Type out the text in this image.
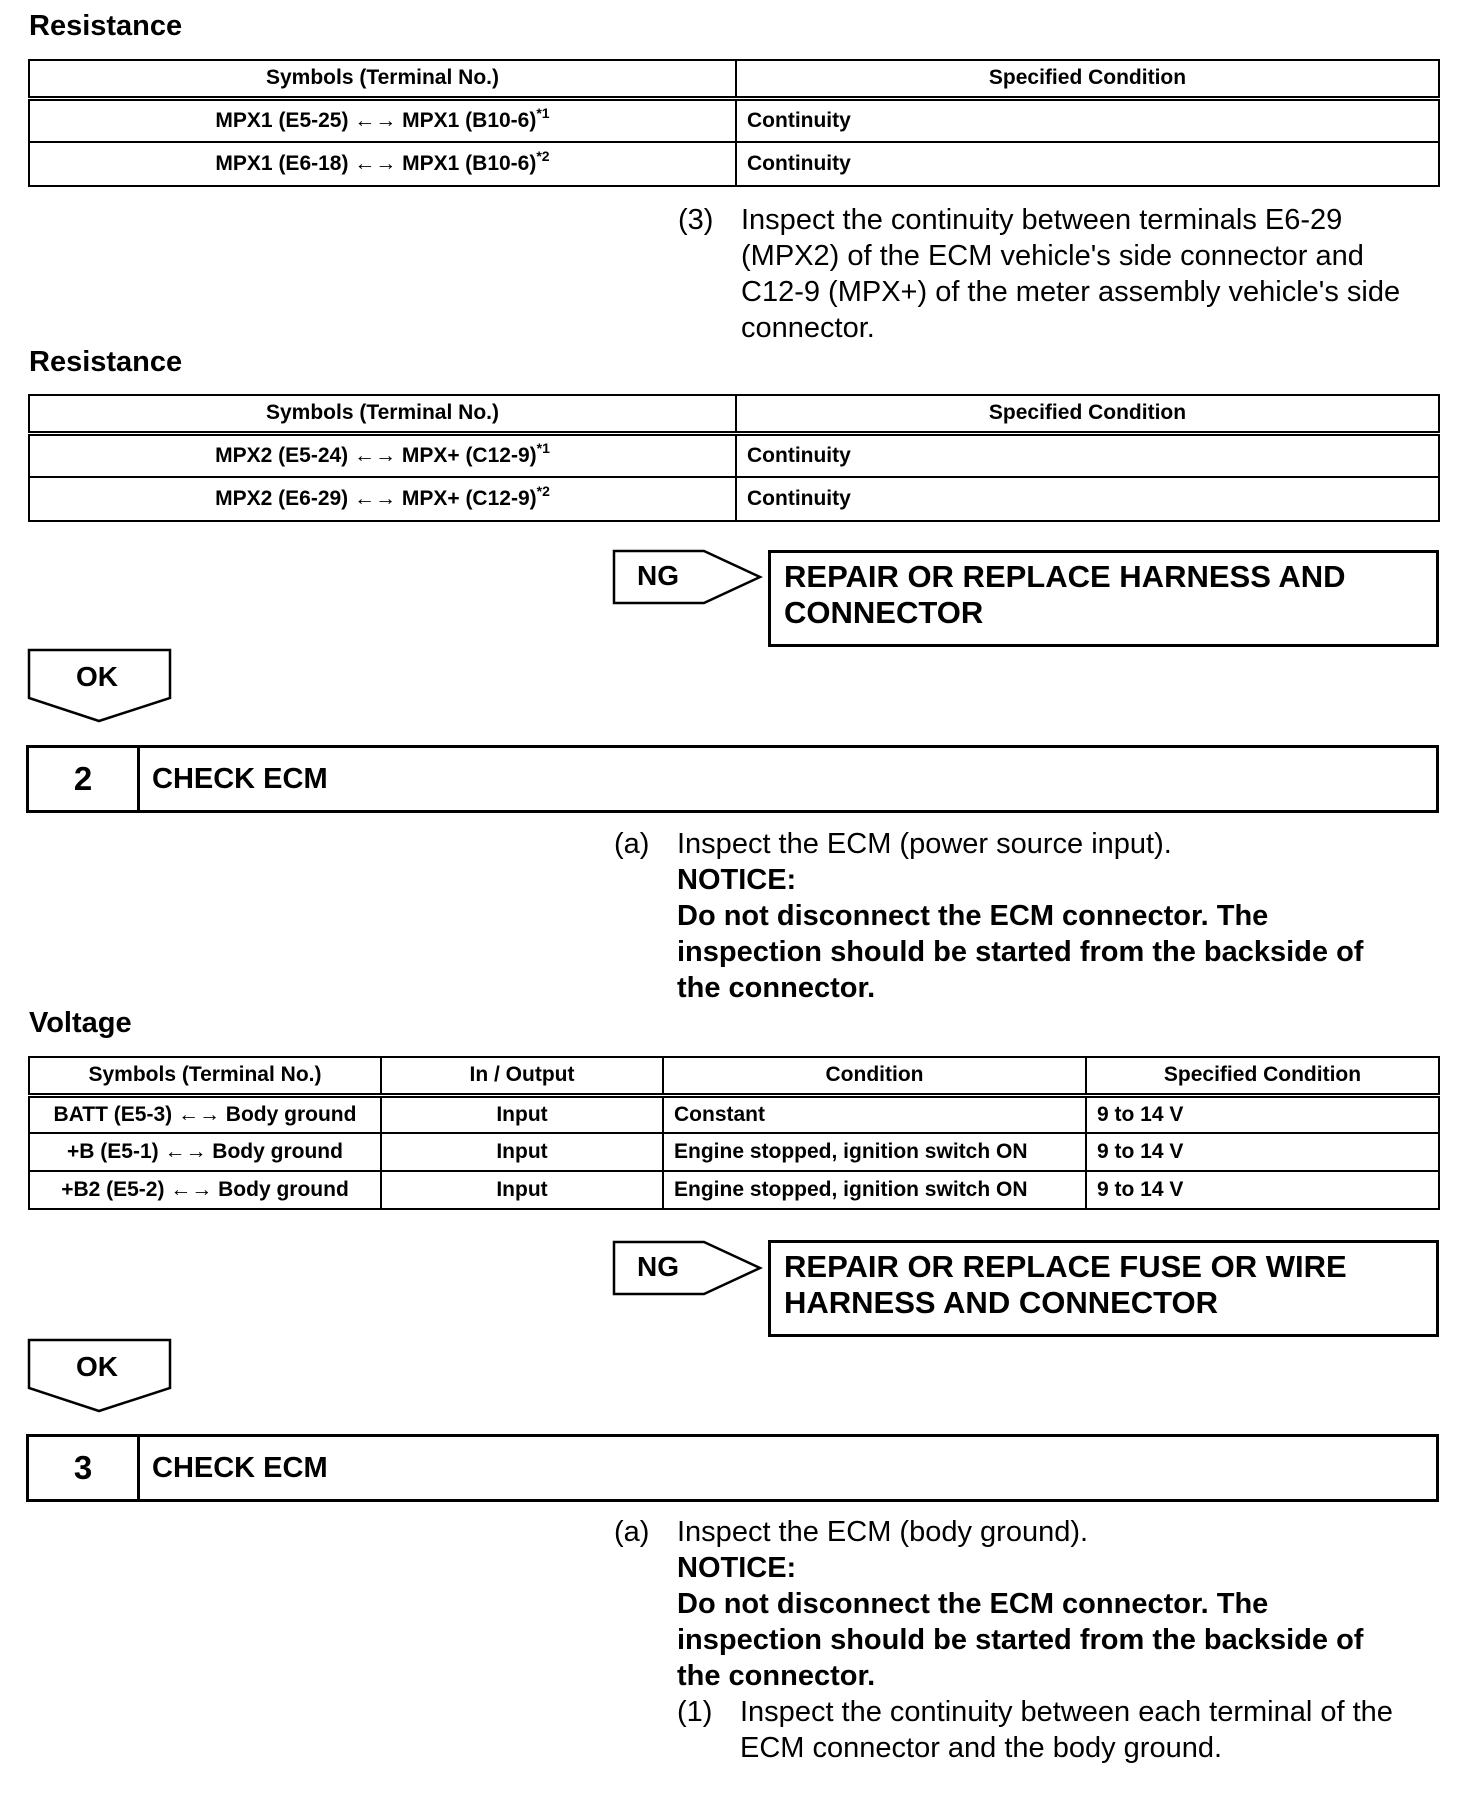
Resistance
Symbols (Terminal No.)	Specified Condition
MPX1 (E5-25) ←→ MPX1 $(B10-6)^{*1}$	Continuity
MPX1 (E6-18) ←→ MPX1 $(B10-6)^{*2}$	Continuity
(3) Inspect the continuity between terminals E6-29
(MPX2) of the ECM vehicle's side connector and
C12-9 (MPX+) of the meter assembly vehicle's side
connector.
Resistance
Symbols (Terminal No.)	Specified Condition
MPX2 (E5-24) ←→ $MPX+ (C12-9)^{*1}$	Continuity
MPX2 (E6-29) ←→ $MPX+ (C12-9)^{*2}$	Continuity
NG	REPAIR OR REPLACE HARNESS AND
CONNECTOR
OK
2	CHECK ECM
(a) Inspect the ECM (power source input).
NOTICE:
Do not disconnect the ECM connector. The
inspection should be started from the backside of
the connector.
Voltage
Symbols (Terminal No.)	In / Output	Condition	Specified Condition
BATT (E5-3) ←→ Body ground	Input	Constant	9 to 14 V
+B (E5-1) ←→ Body ground	Input	Engine stopped, ignition switch ON	9 to 14 V
+B2 (E5-2) ←→ Body ground	Input	Engine stopped, ignition switch ON	9 to 14 V
NG	REPAIR OR REPLACE FUSE OR WIRE
HARNESS AND CONNECTOR
OK
3	CHECK ECM
(a) Inspect the ECM (body ground).
NOTICE:
Do not disconnect the ECM connector. The
inspection should be started from the backside of
the connector.
(1) Inspect the continuity between each terminal of the
ECM connector and the body ground.
